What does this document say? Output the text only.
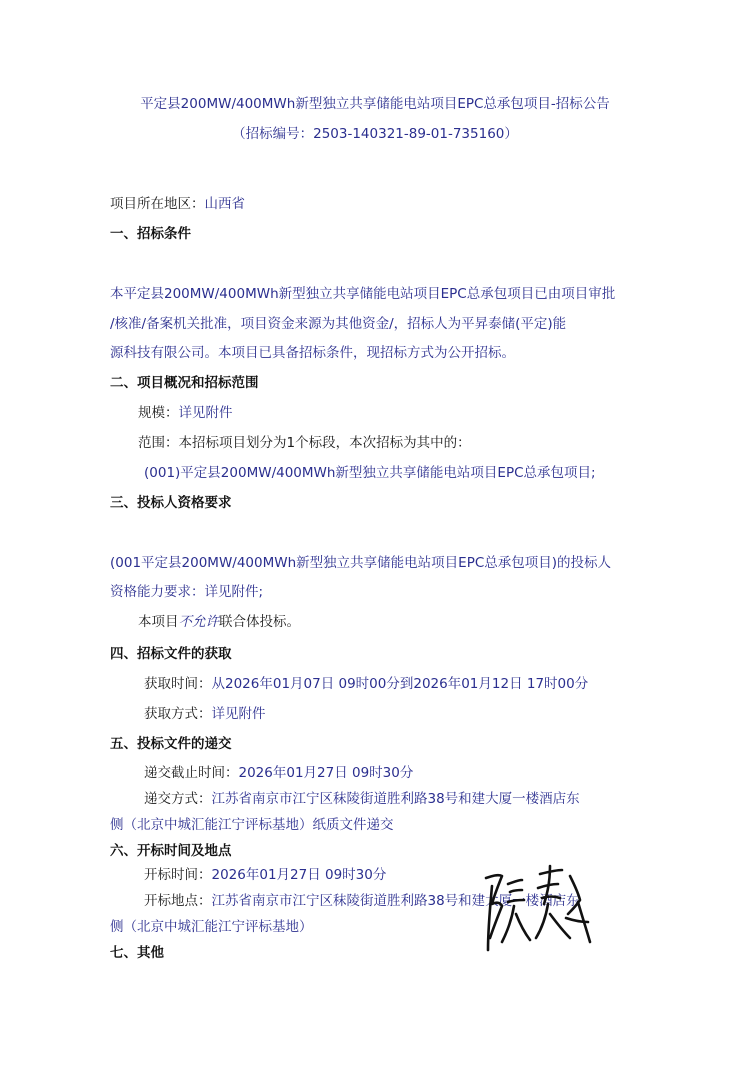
平定县200MW/400MWh新型独立共享储能电站项目EPC总承包项目-招标公告
（招标编号：2503-140321-89-01-735160）
项目所在地区：山西省
一、招标条件
本平定县200MW/400MWh新型独立共享储能电站项目EPC总承包项目已由项目审批
/核准/备案机关批准，项目资金来源为其他资金/，招标人为平昇泰储(平定)能
源科技有限公司。本项目已具备招标条件，现招标方式为公开招标。
二、项目概况和招标范围
规模：详见附件
范围：本招标项目划分为1个标段，本次招标为其中的：
(001)平定县200MW/400MWh新型独立共享储能电站项目EPC总承包项目;
三、投标人资格要求
(001平定县200MW/400MWh新型独立共享储能电站项目EPC总承包项目)的投标人
资格能力要求：详见附件;
本项目不允许联合体投标。
四、招标文件的获取
获取时间：从2026年01月07日 09时00分到2026年01月12日 17时00分
获取方式：详见附件
五、投标文件的递交
递交截止时间：2026年01月27日 09时30分
递交方式：江苏省南京市江宁区秣陵街道胜利路38号和建大厦一楼酒店东
侧（北京中城汇能江宁评标基地）纸质文件递交
六、开标时间及地点
开标时间：2026年01月27日 09时30分
开标地点：江苏省南京市江宁区秣陵街道胜利路38号和建大厦一楼酒店东
侧（北京中城汇能江宁评标基地）
七、其他
